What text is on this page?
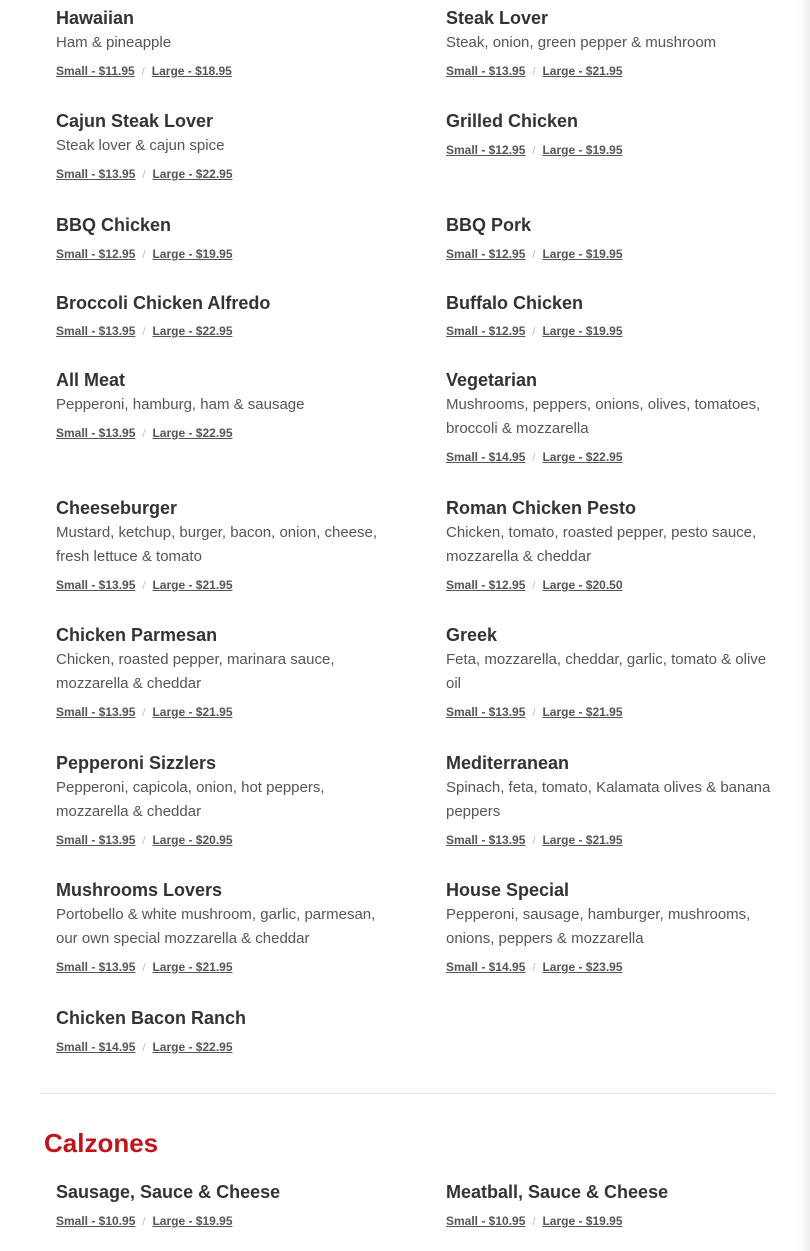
Hawaiian
Ham & pineapple
Small - $11.95 / Large - $18.95
Steak Lover
Steak, onion, green pepper & mushroom
Small - $13.95 / Large - $21.95
Cajun Steak Lover
Steak lover & cajun spice
Small - $13.95 / Large - $22.95
Grilled Chicken
Small - $12.95 / Large - $19.95
BBQ Chicken
Small - $12.95 / Large - $19.95
BBQ Pork
Small - $12.95 / Large - $19.95
Broccoli Chicken Alfredo
Small - $13.95 / Large - $22.95
Buffalo Chicken
Small - $12.95 / Large - $19.95
All Meat
Pepperoni, hamburg, ham & sausage
Small - $13.95 / Large - $22.95
Vegetarian
Mushrooms, peppers, onions, olives, tomatoes, broccoli & mozzarella
Small - $14.95 / Large - $22.95
Cheeseburger
Mustard, ketchup, burger, bacon, onion, cheese, fresh lettuce & tomato
Small - $13.95 / Large - $21.95
Roman Chicken Pesto
Chicken, tomato, roasted pepper, pesto sauce, mozzarella & cheddar
Small - $12.95 / Large - $20.50
Chicken Parmesan
Chicken, roasted pepper, marinara sauce, mozzarella & cheddar
Small - $13.95 / Large - $21.95
Greek
Feta, mozzarella, cheddar, garlic, tomato & olive oil
Small - $13.95 / Large - $21.95
Pepperoni Sizzlers
Pepperoni, capicola, onion, hot peppers, mozzarella & cheddar
Small - $13.95 / Large - $20.95
Mediterranean
Spinach, feta, tomato, Kalamata olives & banana peppers
Small - $13.95 / Large - $21.95
Mushrooms Lovers
Portobello & white mushroom, garlic, parmesan, our own special mozzarella & cheddar
Small - $13.95 / Large - $21.95
House Special
Pepperoni, sausage, hamburger, mushrooms, onions, peppers & mozzarella
Small - $14.95 / Large - $23.95
Chicken Bacon Ranch
Small - $14.95 / Large - $22.95
Calzones
Sausage, Sauce & Cheese
Small - $10.95 / Large - $19.95
Meatball, Sauce & Cheese
Small - $10.95 / Large - $19.95
